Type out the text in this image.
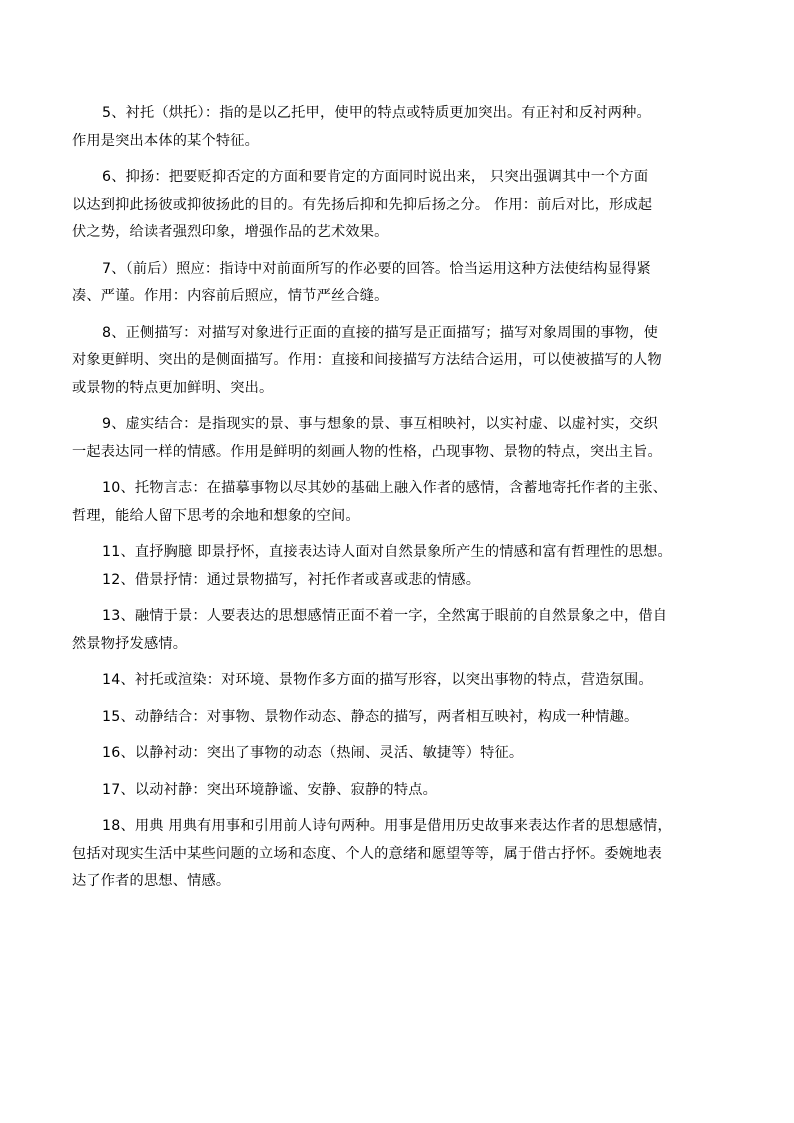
5、衬托（烘托）：指的是以乙托甲，使甲的特点或特质更加突出。有正衬和反衬两种。
作用是突出本体的某个特征。

6、抑扬：把要贬抑否定的方面和要肯定的方面同时说出来， 只突出强调其中一个方面
以达到抑此扬彼或抑彼扬此的目的。有先扬后抑和先抑后扬之分。 作用：前后对比，形成起
伏之势，给读者强烈印象，增强作品的艺术效果。

7、（前后）照应：指诗中对前面所写的作必要的回答。恰当运用这种方法使结构显得紧
凑、严谨。作用：内容前后照应，情节严丝合缝。

8、正侧描写：对描写对象进行正面的直接的描写是正面描写；描写对象周围的事物，使
对象更鲜明、突出的是侧面描写。作用：直接和间接描写方法结合运用，可以使被描写的人物
或景物的特点更加鲜明、突出。

9、虚实结合：是指现实的景、事与想象的景、事互相映衬，以实衬虚、以虚衬实，交织
一起表达同一样的情感。作用是鲜明的刻画人物的性格，凸现事物、景物的特点，突出主旨。

10、托物言志：在描摹事物以尽其妙的基础上融入作者的感情，含蓄地寄托作者的主张、
哲理，能给人留下思考的余地和想象的空间。

11、直抒胸臆 即景抒怀，直接表达诗人面对自然景象所产生的情感和富有哲理性的思想。

12、借景抒情：通过景物描写，衬托作者或喜或悲的情感。

13、融情于景：人要表达的思想感情正面不着一字，全然寓于眼前的自然景象之中，借自
然景物抒发感情。

14、衬托或渲染：对环境、景物作多方面的描写形容，以突出事物的特点，营造氛围。

15、动静结合：对事物、景物作动态、静态的描写，两者相互映衬，构成一种情趣。

16、以静衬动：突出了事物的动态（热闹、灵活、敏捷等）特征。

17、以动衬静：突出环境静谧、安静、寂静的特点。

18、用典 用典有用事和引用前人诗句两种。用事是借用历史故事来表达作者的思想感情，
包括对现实生活中某些问题的立场和态度、个人的意绪和愿望等等，属于借古抒怀。委婉地表
达了作者的思想、情感。
